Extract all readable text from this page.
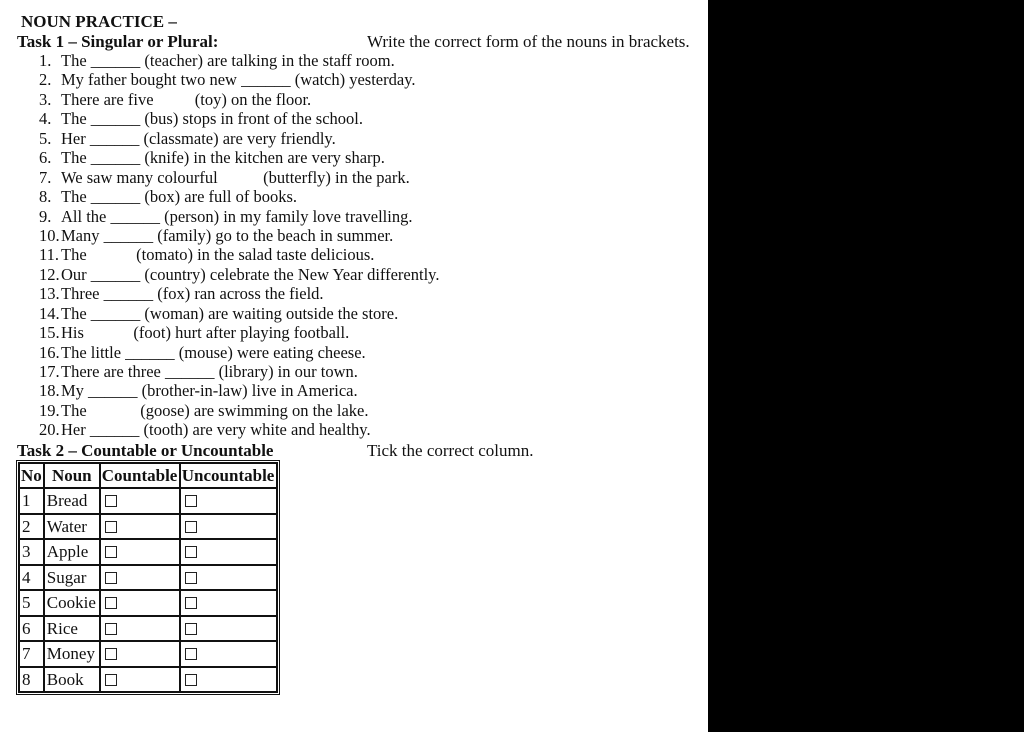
NOUN PRACTICE –
Task 1 – Singular or Plural:	Write the correct form of the nouns in brackets.
1. The ______ (teacher) are talking in the staff room.
2. My father bought two new ______ (watch) yesterday.
3. There are five          (toy) on the floor.
4. The ______ (bus) stops in front of the school.
5. Her ______ (classmate) are very friendly.
6. The ______ (knife) in the kitchen are very sharp.
7. We saw many colourful           (butterfly) in the park.
8. The ______ (box) are full of books.
9. All the ______ (person) in my family love travelling.
10. Many ______ (family) go to the beach in summer.
11. The            (tomato) in the salad taste delicious.
12. Our ______ (country) celebrate the New Year differently.
13. Three ______ (fox) ran across the field.
14. The ______ (woman) are waiting outside the store.
15. His            (foot) hurt after playing football.
16. The little ______ (mouse) were eating cheese.
17. There are three ______ (library) in our town.
18. My ______ (brother-in-law) live in America.
19. The             (goose) are swimming on the lake.
20. Her ______ (tooth) are very white and healthy.
Task 2 – Countable or Uncountable	Tick the correct column.
No	Noun	Countable	Uncountable
1	Bread		
2	Water		
3	Apple		
4	Sugar		
5	Cookie		
6	Rice		
7	Money		
8	Book		
